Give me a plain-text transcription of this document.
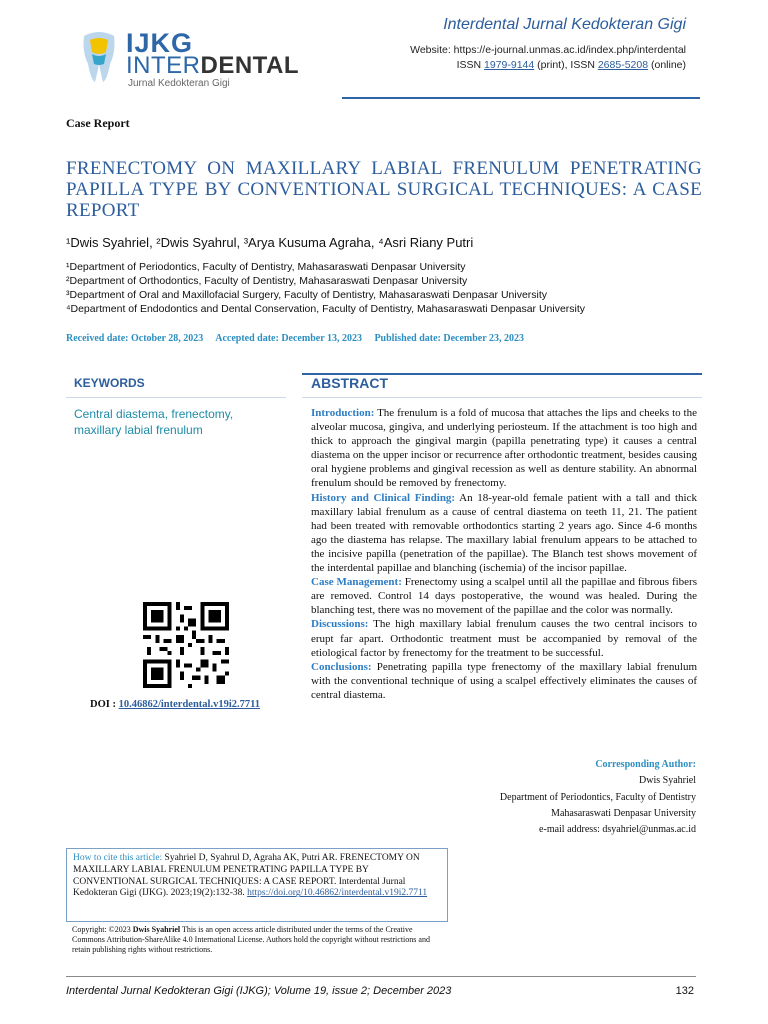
IJKG
INTERDENTAL
Jurnal Kedokteran Gigi
Interdental Jurnal Kedokteran Gigi
Website: https://e-journal.unmas.ac.id/index.php/interdental
ISSN 1979-9144 (print), ISSN 2685-5208 (online)
Case Report
FRENECTOMY ON MAXILLARY LABIAL FRENULUM PENETRATING PAPILLA TYPE BY CONVENTIONAL SURGICAL TECHNIQUES: A CASE REPORT
¹Dwis Syahriel, ²Dwis Syahrul, ³Arya Kusuma Agraha, ⁴Asri Riany Putri
¹Department of Periodontics, Faculty of Dentistry, Mahasaraswati Denpasar University
²Department of Orthodontics, Faculty of Dentistry, Mahasaraswati Denpasar University
³Department of Oral and Maxillofacial Surgery, Faculty of Dentistry, Mahasaraswati Denpasar University
⁴Department of Endodontics and Dental Conservation, Faculty of Dentistry, Mahasaraswati Denpasar University
Received date: October 28, 2023 Accepted date: December 13, 2023 Published date: December 23, 2023
KEYWORDS
Central diastema, frenectomy, maxillary labial frenulum
DOI : 10.46862/interdental.v19i2.7711
ABSTRACT

Introduction: The frenulum is a fold of mucosa that attaches the lips and cheeks to the alveolar mucosa, gingiva, and underlying periosteum. If the attachment is too high and thick to approach the gingival margin (papilla penetrating type) it causes a central diastema on the upper incisor or recurrence after orthodontic treatment, besides causing oral hygiene problems and gingival recession as well as denture stability. An abnormal frenulum should be removed by frenectomy.

History and Clinical Finding: An 18-year-old female patient with a tall and thick maxillary labial frenulum as a cause of central diastema on teeth 11, 21. The patient had been treated with removable orthodontics starting 2 years ago. Since 4-6 months ago the diastema has relapse. The maxillary labial frenulum appears to be attached to the incisive papilla (penetration of the papillae). The Blanch test shows movement of the interdental papillae and blanching (ischemia) of the incisor papillae.

Case Management: Frenectomy using a scalpel until all the papillae and fibrous fibers are removed. Control 14 days postoperative, the wound was healed. During the blanching test, there was no movement of the papillae and the color was normally.

Discussions: The high maxillary labial frenulum causes the two central incisors to erupt far apart. Orthodontic treatment must be accompanied by removal of the etiological factor by frenectomy for the treatment to be successful.

Conclusions: Penetrating papilla type frenectomy of the maxillary labial frenulum with the conventional technique of using a scalpel effectively eliminates the causes of central diastema.

Corresponding Author:
Dwis Syahriel
Department of Periodontics, Faculty of Dentistry
Mahasaraswati Denpasar University
e-mail address: dsyahriel@unmas.ac.id
How to cite this article: Syahriel D, Syahrul D, Agraha AK, Putri AR. FRENECTOMY ON MAXILLARY LABIAL FRENULUM PENETRATING PAPILLA TYPE BY CONVENTIONAL SURGICAL TECHNIQUES: A CASE REPORT. Interdental Jurnal Kedokteran Gigi (IJKG). 2023;19(2):132-38. https://doi.org/10.46862/interdental.v19i2.7711
Copyright: ©2023 Dwis Syahriel This is an open access article distributed under the terms of the Creative Commons Attribution-ShareAlike 4.0 International License. Authors hold the copyright without restrictions and retain publishing rights without restrictions.
Interdental Jurnal Kedokteran Gigi (IJKG); Volume 19, issue 2; December 2023	132
